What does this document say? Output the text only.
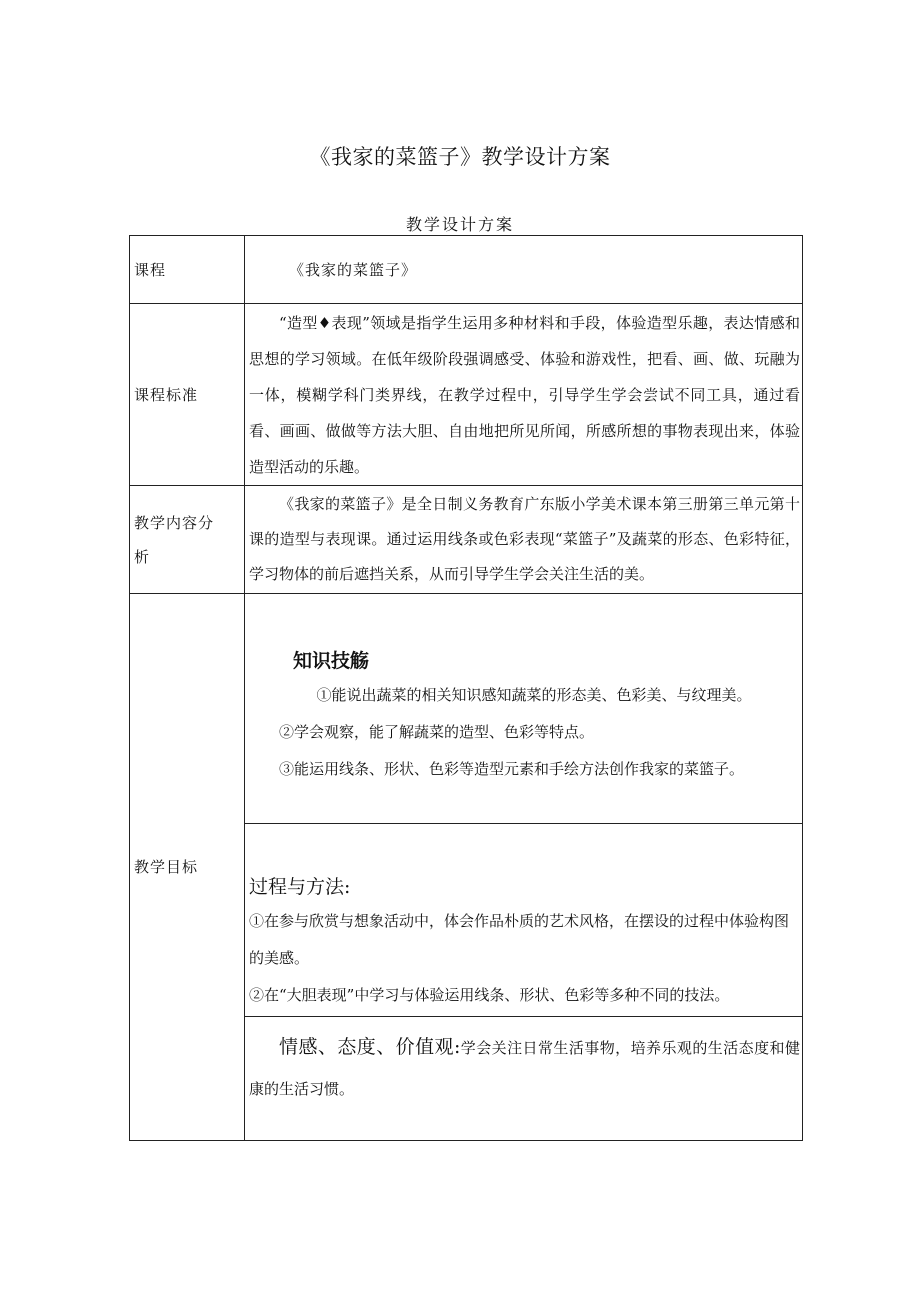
《我家的菜篮子》教学设计方案
教学设计方案
课程	《我家的菜篮子》
课程标准	“造型♦表现”领域是指学生运用多种材料和手段，体验造型乐趣，表达情感和思想的学习领域。在低年级阶段强调感受、体验和游戏性，把看、画、做、玩融为一体，模糊学科门类界线，在教学过程中，引导学生学会尝试不同工具，通过看看、画画、做做等方法大胆、自由地把所见所闻，所感所想的事物表现出来，体验造型活动的乐趣。

教学内容分析	《我家的菜篮子》是全日制义务教育广东版小学美术课本第三册第三单元第十课的造型与表现课。通过运用线条或色彩表现“菜篮子”及蔬菜的形态、色彩特征，学习物体的前后遮挡关系，从而引导学生学会关注生活的美。

教学目标	知识技觞

①能说出蔬菜的相关知识感知蔬菜的形态美、色彩美、与纹理美。

②学会观察，能了解蔬菜的造型、色彩等特点。

③能运用线条、形状、色彩等造型元素和手绘方法创作我家的菜篮子。

	过程与方法:

①在参与欣赏与想象活动中，体会作品朴质的艺术风格，在摆设的过程中体验构图的美感。

②在“大胆表现”中学习与体验运用线条、形状、色彩等多种不同的技法。

	情感、态度、价值观:学会关注日常生活事物，培养乐观的生活态度和健康的生活习惯。
